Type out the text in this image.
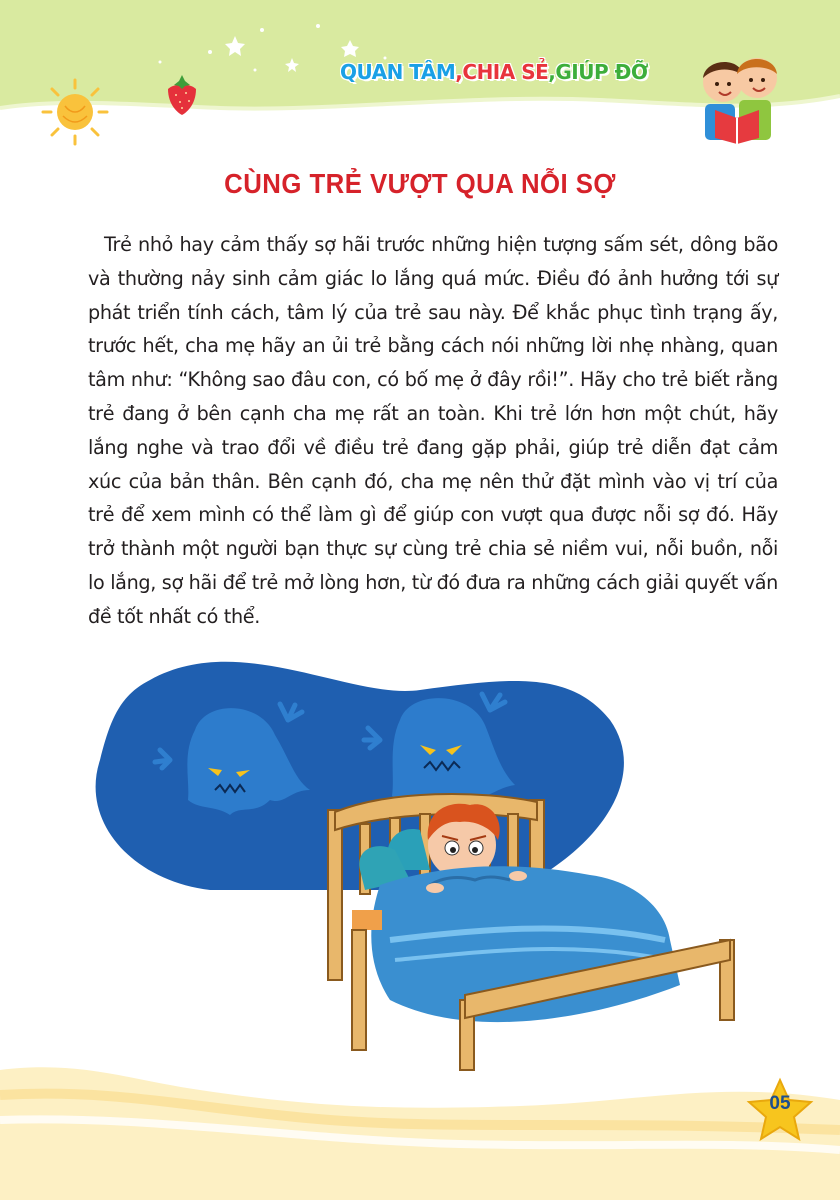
QUAN TÂM,CHIA SẺ,GIÚP ĐỠ
CÙNG TRẺ VƯỢT QUA NỖI SỢ

Trẻ nhỏ hay cảm thấy sợ hãi trước những hiện tượng sấm sét, dông bão và thường nảy sinh cảm giác lo lắng quá mức. Điều đó ảnh hưởng tới sự phát triển tính cách, tâm lý của trẻ sau này. Để khắc phục tình trạng ấy, trước hết, cha mẹ hãy an ủi trẻ bằng cách nói những lời nhẹ nhàng, quan tâm như: “Không sao đâu con, có bố mẹ ở đây rồi!”. Hãy cho trẻ biết rằng trẻ đang ở bên cạnh cha mẹ rất an toàn. Khi trẻ lớn hơn một chút, hãy lắng nghe và trao đổi về điều trẻ đang gặp phải, giúp trẻ diễn đạt cảm xúc của bản thân. Bên cạnh đó, cha mẹ nên thử đặt mình vào vị trí của trẻ để xem mình có thể làm gì để giúp con vượt qua được nỗi sợ đó. Hãy trở thành một người bạn thực sự cùng trẻ chia sẻ niềm vui, nỗi buồn, nỗi lo lắng, sợ hãi để trẻ mở lòng hơn, từ đó đưa ra những cách giải quyết vấn đề tốt nhất có thể.

05
